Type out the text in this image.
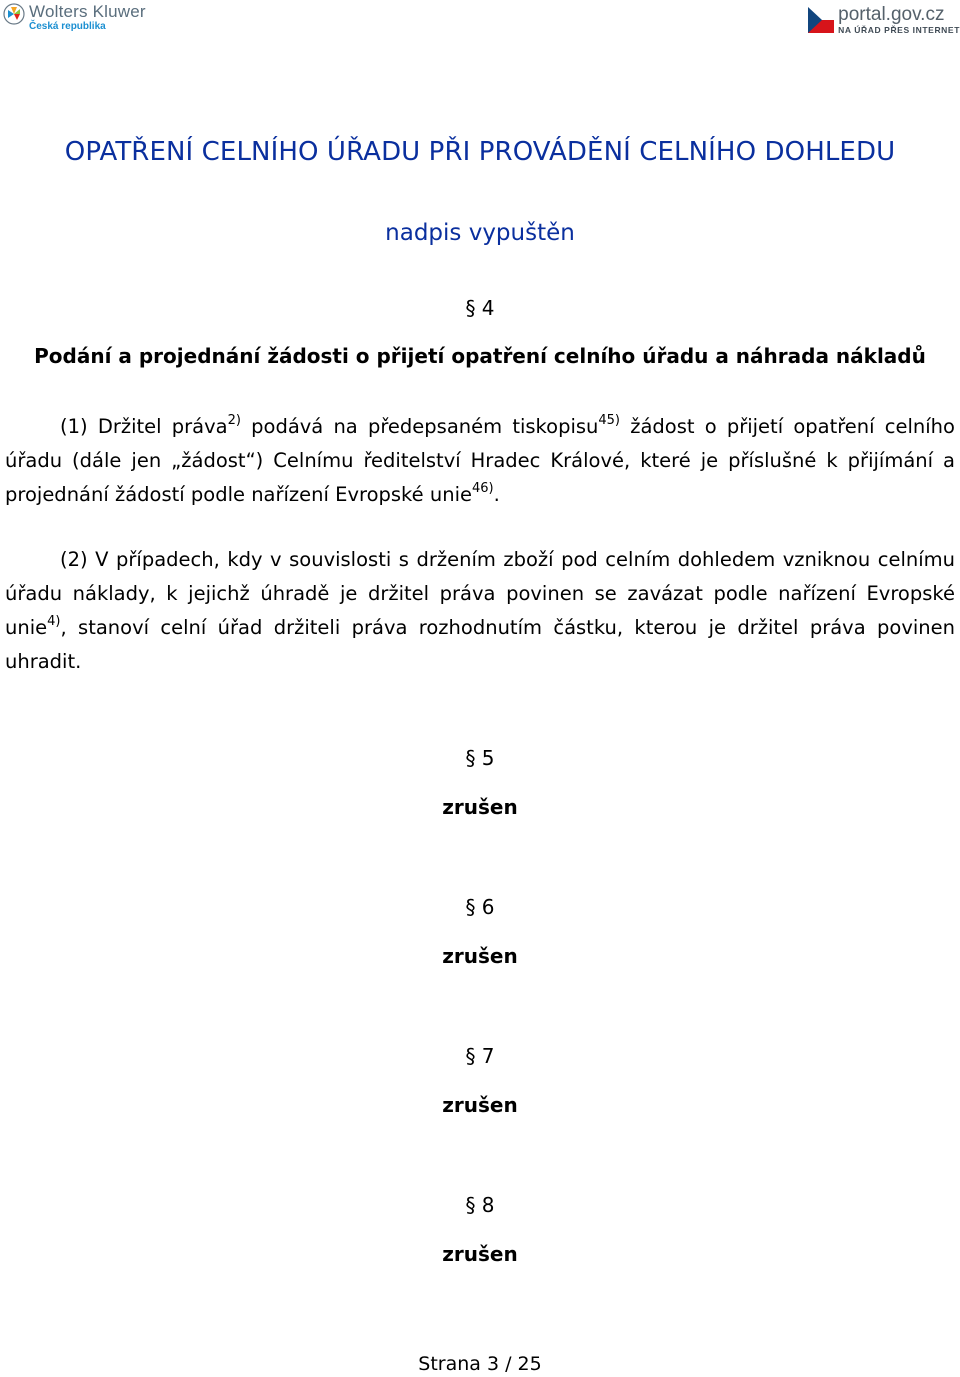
Wolters Kluwer
Česká republika
portal.gov.cz
NA ÚŘAD PŘES INTERNET
OPATŘENÍ CELNÍHO ÚŘADU PŘI PROVÁDĚNÍ CELNÍHO DOHLEDU
nadpis vypuštěn
§ 4
Podání a projednání žádosti o přijetí opatření celního úřadu a náhrada nákladů

(1) Držitel práva$^{2)}$ podává na předepsaném tiskopisu$^{45)}$ žádost o přijetí opatření celního úřadu (dále jen „žádost“) Celnímu ředitelství Hradec Králové, které je příslušné k přijímání a projednání žádostí podle nařízení Evropské unie$^{46)}$.

(2) V případech, kdy v souvislosti s držením zboží pod celním dohledem vzniknou celnímu úřadu náklady, k jejichž úhradě je držitel práva povinen se zavázat podle nařízení Evropské unie$^{4)}$, stanoví celní úřad držiteli práva rozhodnutím částku, kterou je držitel práva povinen uhradit.

§ 5
zrušen
§ 6
zrušen
§ 7
zrušen
§ 8
zrušen
Strana 3 / 25
